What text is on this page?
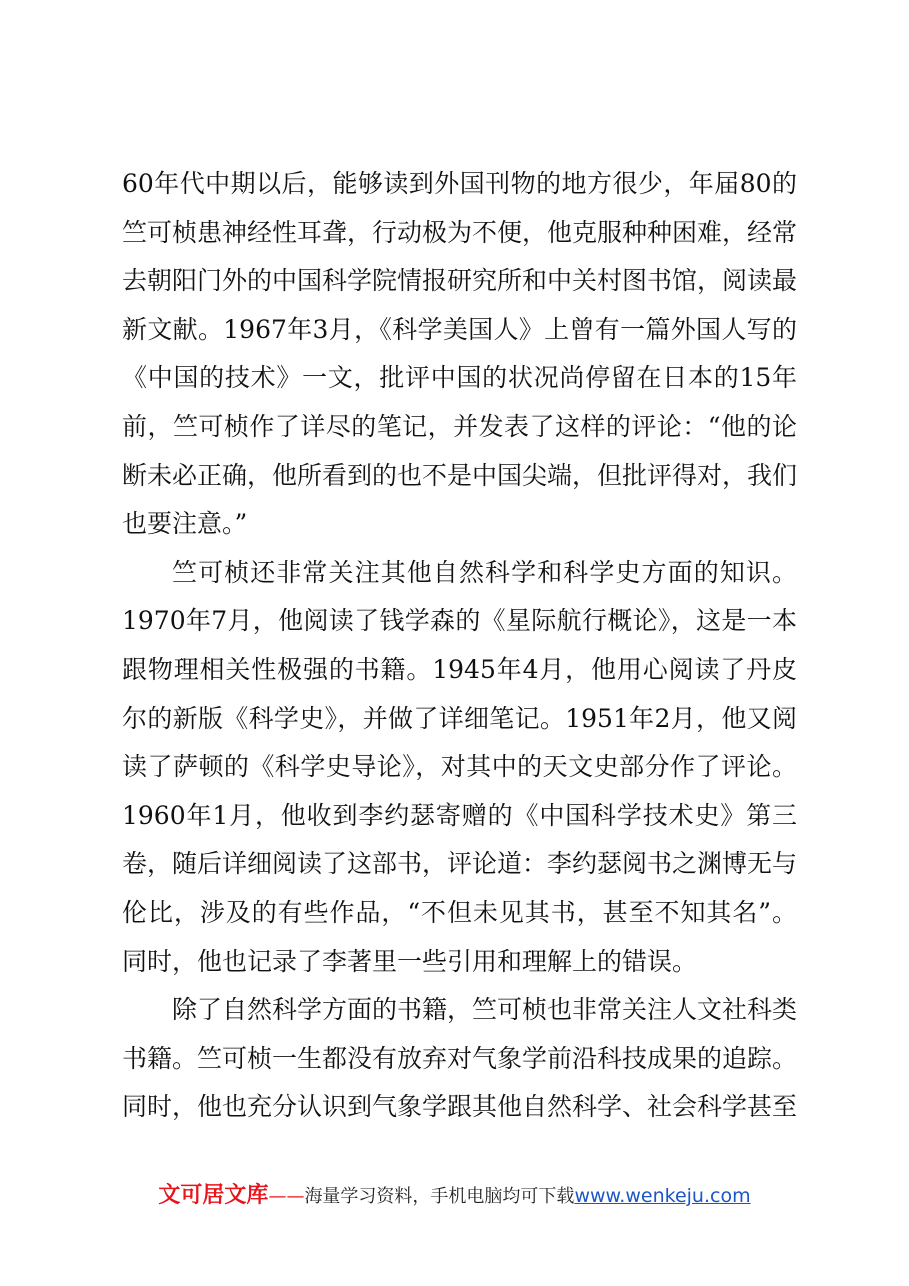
60年代中期以后，能够读到外国刊物的地方很少，年届80的竺可桢患神经性耳聋，行动极为不便，他克服种种困难，经常去朝阳门外的中国科学院情报研究所和中关村图书馆，阅读最新文献。1967年3月，《科学美国人》上曾有一篇外国人写的《中国的技术》一文，批评中国的状况尚停留在日本的15年前，竺可桢作了详尽的笔记，并发表了这样的评论：“他的论断未必正确，他所看到的也不是中国尖端，但批评得对，我们也要注意。”

竺可桢还非常关注其他自然科学和科学史方面的知识。1970年7月，他阅读了钱学森的《星际航行概论》，这是一本跟物理相关性极强的书籍。1945年4月，他用心阅读了丹皮尔的新版《科学史》，并做了详细笔记。1951年2月，他又阅读了萨顿的《科学史导论》，对其中的天文史部分作了评论。1960年1月，他收到李约瑟寄赠的《中国科学技术史》第三卷，随后详细阅读了这部书，评论道：李约瑟阅书之渊博无与伦比，涉及的有些作品，“不但未见其书，甚至不知其名”。同时，他也记录了李著里一些引用和理解上的错误。

除了自然科学方面的书籍，竺可桢也非常关注人文社科类书籍。竺可桢一生都没有放弃对气象学前沿科技成果的追踪。同时，他也充分认识到气象学跟其他自然科学、社会科学甚至

文可居文库——海量学习资料，手机电脑均可下载www.wenkeju.com
